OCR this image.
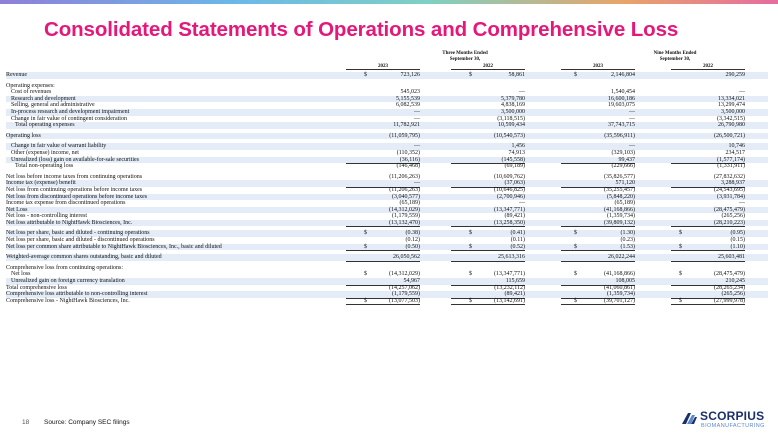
Consolidated Statements of Operations and Comprehensive Loss
Three Months Ended
September 30,
Nine Months Ended
September 30,
2023	2022	2023	2022
Revenue	$	723,126	$	58,861	$	2,146,804	290,259
Operating expenses:
Cost of revenues	545,023	—	1,540,454	—
Research and development	5,155,539	5,379,780	16,600,186	13,334,021
Selling, general and administrative	6,082,539	4,838,169	19,603,075	13,299,474
In-process research and development impairment	—	3,500,000	—	3,500,000
Change in fair value of contingent consideration	—	(3,118,515)	—	(3,342,515)
Total operating expenses	11,782,921	10,599,434	37,743,715	26,790,980
Operating loss	(11,059,795)	(10,540,573)	(35,596,911)	(26,500,721)
Change in fair value of warrant liability	—	1,456	—	10,746
Other (expense) income, net	(110,352)	74,913	(329,103)	234,517
Unrealized (loss) gain on available-for-sale securities	(36,116)	(145,558)	99,437	(1,577,174)
Total non-operating loss	(146,468)	(69,189)	(229,666)	(1,331,911)
Net loss before income taxes from continuing operations	(11,206,263)	(10,609,762)	(35,826,577)	(27,832,632)
Income tax (expense) benefit	—	(37,063)	571,120	3,288,937
Net loss from continuing operations before income taxes	(11,206,263)	(10,646,825)	(35,255,457)	(24,543,695)
Net loss from discontinued operations before income taxes	(3,040,577)	(2,700,946)	(5,848,220)	(3,931,784)
Income tax expense from discontinued operations	(65,189)	—	(65,189)	—
Net Loss	(14,312,029)	(13,347,771)	(41,168,866)	(28,475,479)
Net loss - non-controlling interest	(1,179,559)	(89,421)	(1,359,734)	(265,256)
Net loss attributable to NightHawk Biosciences, Inc.	(13,132,470)	(13,258,350)	(39,809,132)	(28,210,223)
Net loss per share, basic and diluted - continuing operations	$	(0.38)	$	(0.41)	$	(1.30)	$	(0.95)
Net loss per share, basic and diluted - discontinued operations	(0.12)	(0.11)	(0.23)	(0.15)
Net loss per common share attributable to NightHawk Biosciences, Inc., basic and diluted	$	(0.50)	$	(0.52)	$	(1.53)	$	(1.10)
Weighted-average common shares outstanding, basic and diluted	26,050,562	25,613,316	26,022,244	25,603,481
Comprehensive loss from continuing operations:
Net loss	$	(14,312,029)	$	(13,347,771)	$	(41,168,866)	$	(28,475,479)
Unrealized gain on foreign currency translation	54,967	115,659	108,005	210,245
Total comprehensive loss	(14,257,062)	(13,232,112)	(41,060,861)	(28,265,234)
Comprehensive loss attributable to non-controlling interest	(1,179,559)	(89,421)	(1,359,734)	(265,256)
Comprehensive loss - NightHawk Biosciences, Inc.	$	(13,077,503)	$	(13,142,691)	$	(39,701,127)	$	(27,999,978)
18 Source: Company SEC filings	SCORPIUS
BIOMANUFACTURING
